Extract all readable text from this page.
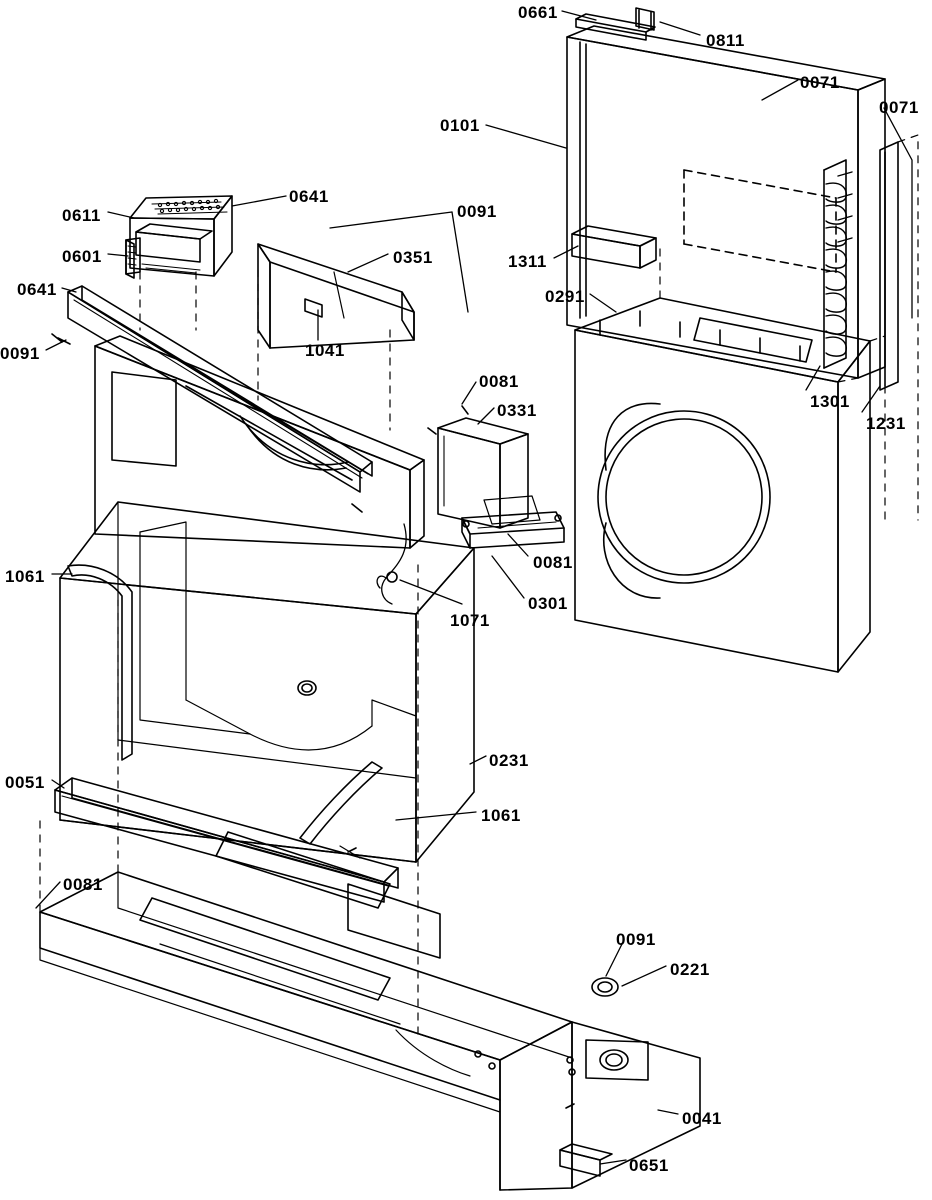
0661
0811
0071
0071
0101
0641
0611	0091
0601	0351	1311
0291
0641
1041
0091
0081
1301
0331
1231
0081
1061
0301
1071
0231
0051
1061
0081
0091
0221
0041
0651
